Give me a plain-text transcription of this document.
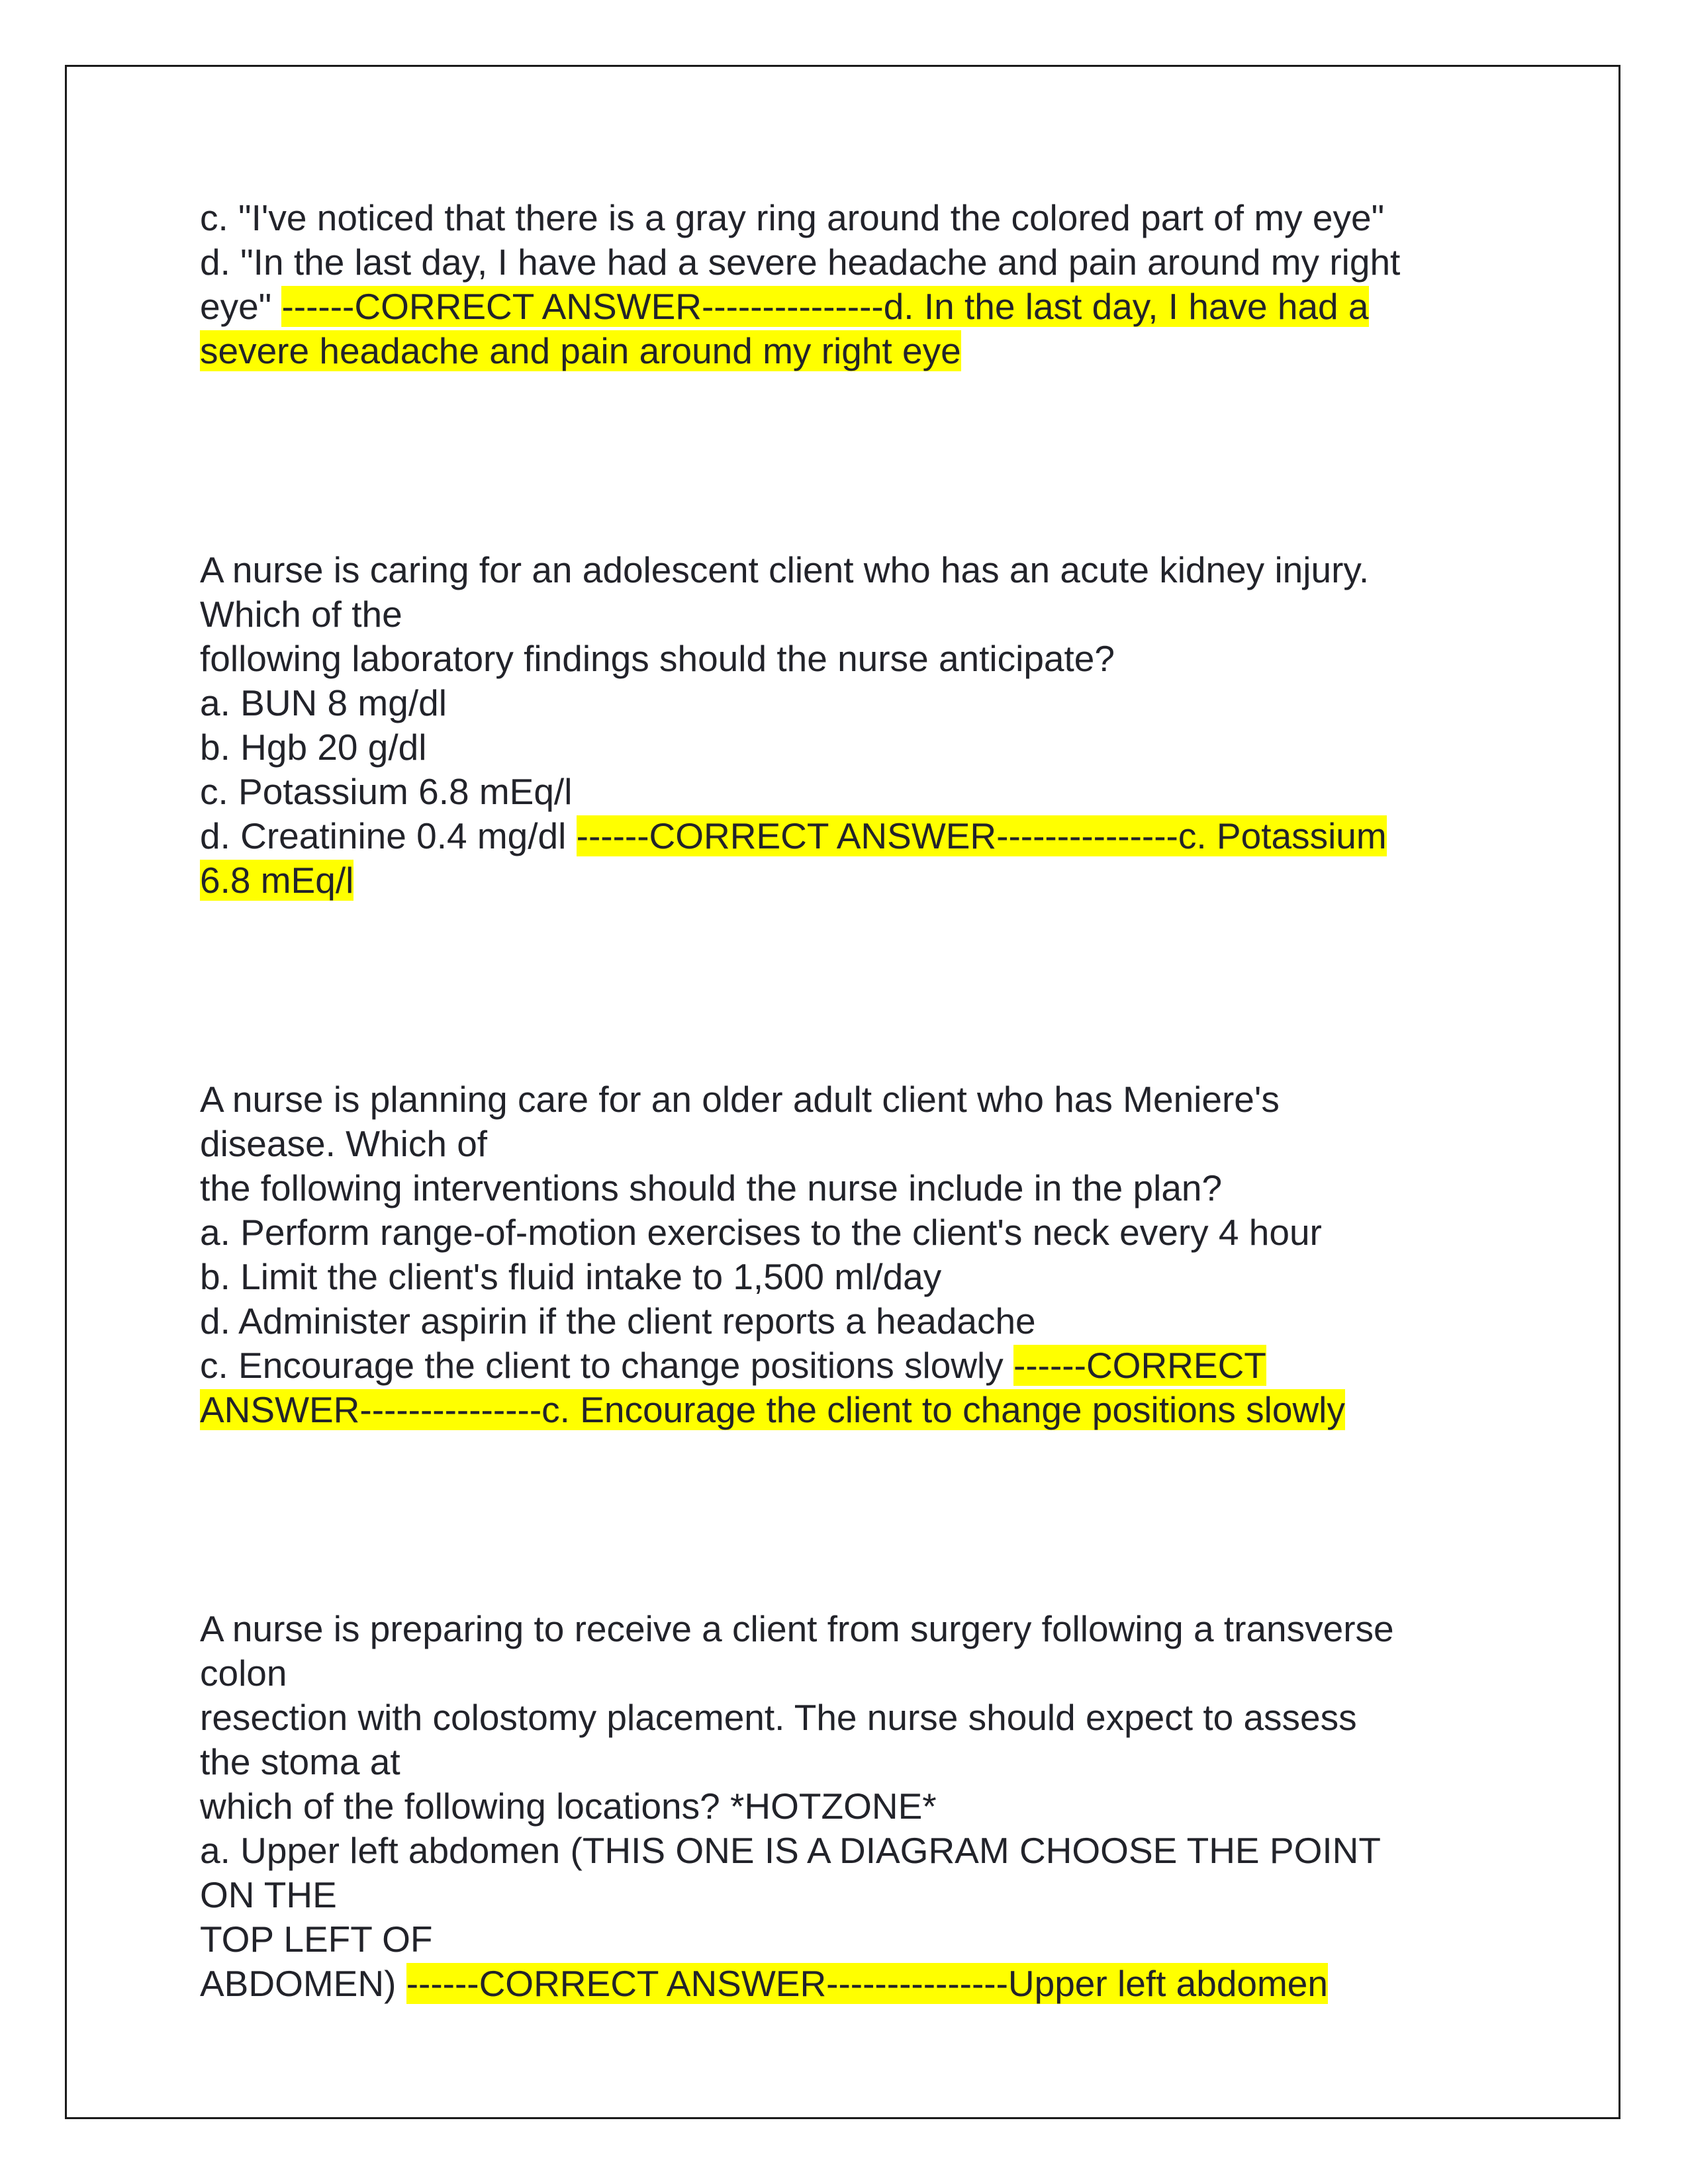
c. "I've noticed that there is a gray ring around the colored part of my eye"
d. "In the last day, I have had a severe headache and pain around my right
eye" ------CORRECT ANSWER---------------d. In the last day, I have had a
severe headache and pain around my right eye
A nurse is caring for an adolescent client who has an acute kidney injury.
Which of the
following laboratory findings should the nurse anticipate?
a. BUN 8 mg/dl
b. Hgb 20 g/dl
c. Potassium 6.8 mEq/l
d. Creatinine 0.4 mg/dl ------CORRECT ANSWER---------------c. Potassium
6.8 mEq/l
A nurse is planning care for an older adult client who has Meniere's
disease. Which of
the following interventions should the nurse include in the plan?
a. Perform range-of-motion exercises to the client's neck every 4 hour
b. Limit the client's fluid intake to 1,500 ml/day
d. Administer aspirin if the client reports a headache
c. Encourage the client to change positions slowly ------CORRECT
ANSWER---------------c. Encourage the client to change positions slowly
A nurse is preparing to receive a client from surgery following a transverse
colon
resection with colostomy placement. The nurse should expect to assess
the stoma at
which of the following locations? *HOTZONE*
a. Upper left abdomen (THIS ONE IS A DIAGRAM CHOOSE THE POINT
ON THE
TOP LEFT OF
ABDOMEN) ------CORRECT ANSWER---------------Upper left abdomen
